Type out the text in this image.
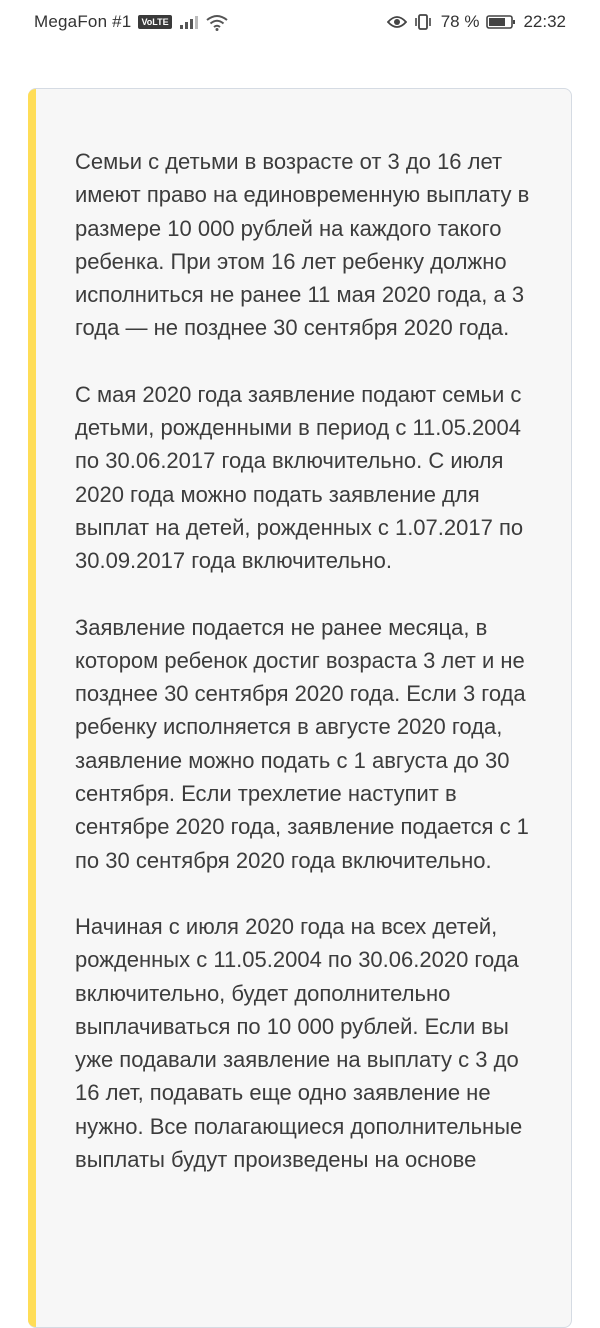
MegaFon #1	VoLTE	78 %	22:32

Семьи с детьми в возрасте от 3 до 16 лет имеют право на единовременную выплату в размере 10 000 рублей на каждого такого ребенка. При этом 16 лет ребенку должно исполниться не ранее 11 мая 2020 года, а 3 года — не позднее 30 сентября 2020 года.

С мая 2020 года заявление подают семьи с детьми, рожденными в период с 11.05.2004 по 30.06.2017 года включительно. С июля 2020 года можно подать заявление для выплат на детей, рожденных с 1.07.2017 по 30.09.2017 года включительно.

Заявление подается не ранее месяца, в котором ребенок достиг возраста 3 лет и не позднее 30 сентября 2020 года. Если 3 года ребенку исполняется в августе 2020 года, заявление можно подать с 1 августа до 30 сентября. Если трехлетие наступит в сентябре 2020 года, заявление подается с 1 по 30 сентября 2020 года включительно.

Начиная с июля 2020 года на всех детей, рожденных с 11.05.2004 по 30.06.2020 года включительно, будет дополнительно выплачиваться по 10 000 рублей. Если вы уже подавали заявление на выплату с 3 до 16 лет, подавать еще одно заявление не нужно. Все полагающиеся дополнительные выплаты будут произведены на основе
